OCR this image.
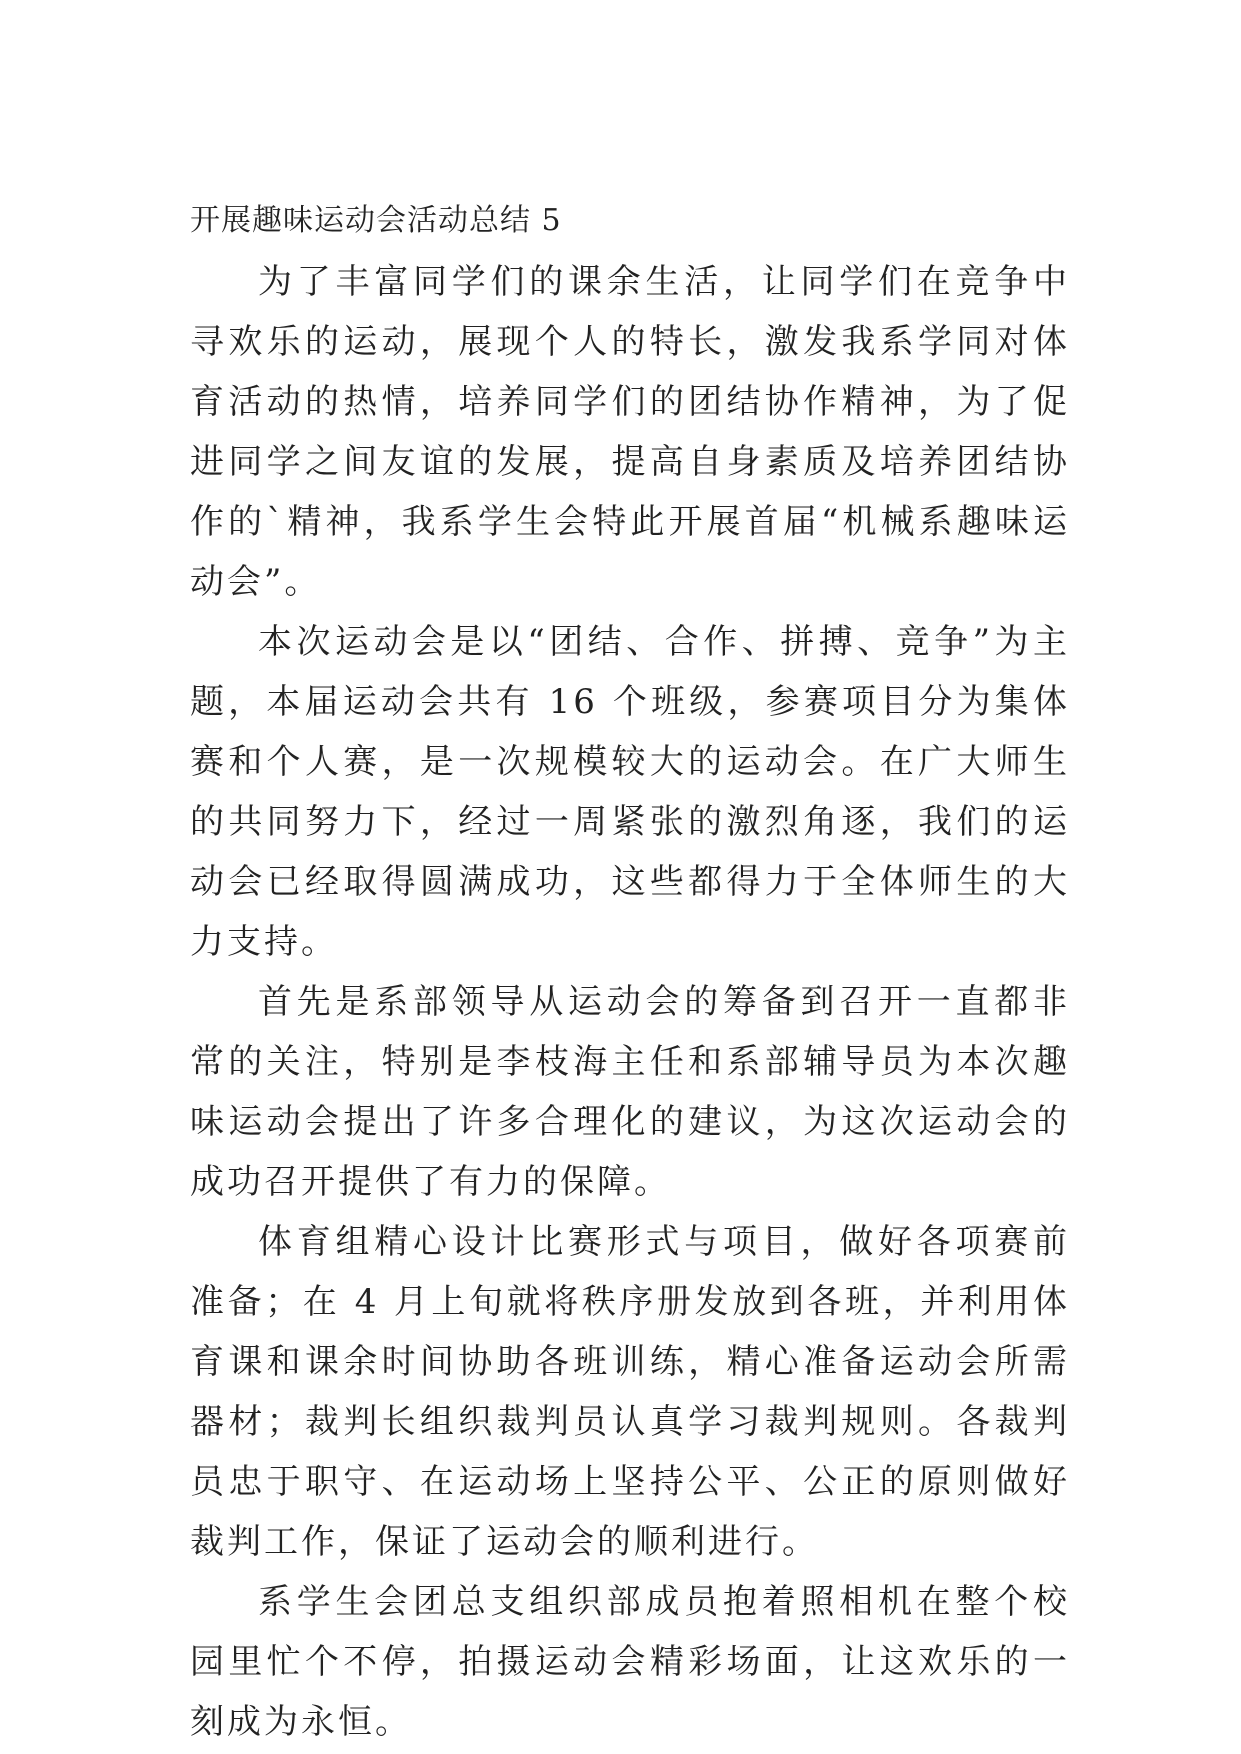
开展趣味运动会活动总结 5

为了丰富同学们的课余生活，让同学们在竞争中寻欢乐的运动，展现个人的特长，激发我系学同对体育活动的热情，培养同学们的团结协作精神，为了促进同学之间友谊的发展，提高自身素质及培养团结协作的`精神，我系学生会特此开展首届“机械系趣味运动会”。

本次运动会是以“团结、合作、拼搏、竞争”为主题，本届运动会共有 16 个班级，参赛项目分为集体赛和个人赛，是一次规模较大的运动会。在广大师生的共同努力下，经过一周紧张的激烈角逐，我们的运动会已经取得圆满成功，这些都得力于全体师生的大力支持。

首先是系部领导从运动会的筹备到召开一直都非常的关注，特别是李枝海主任和系部辅导员为本次趣味运动会提出了许多合理化的建议，为这次运动会的成功召开提供了有力的保障。

体育组精心设计比赛形式与项目，做好各项赛前准备；在 4 月上旬就将秩序册发放到各班，并利用体育课和课余时间协助各班训练，精心准备运动会所需器材；裁判长组织裁判员认真学习裁判规则。各裁判员忠于职守、在运动场上坚持公平、公正的原则做好裁判工作，保证了运动会的顺利进行。

系学生会团总支组织部成员抱着照相机在整个校园里忙个不停，拍摄运动会精彩场面，让这欢乐的一刻成为永恒。
